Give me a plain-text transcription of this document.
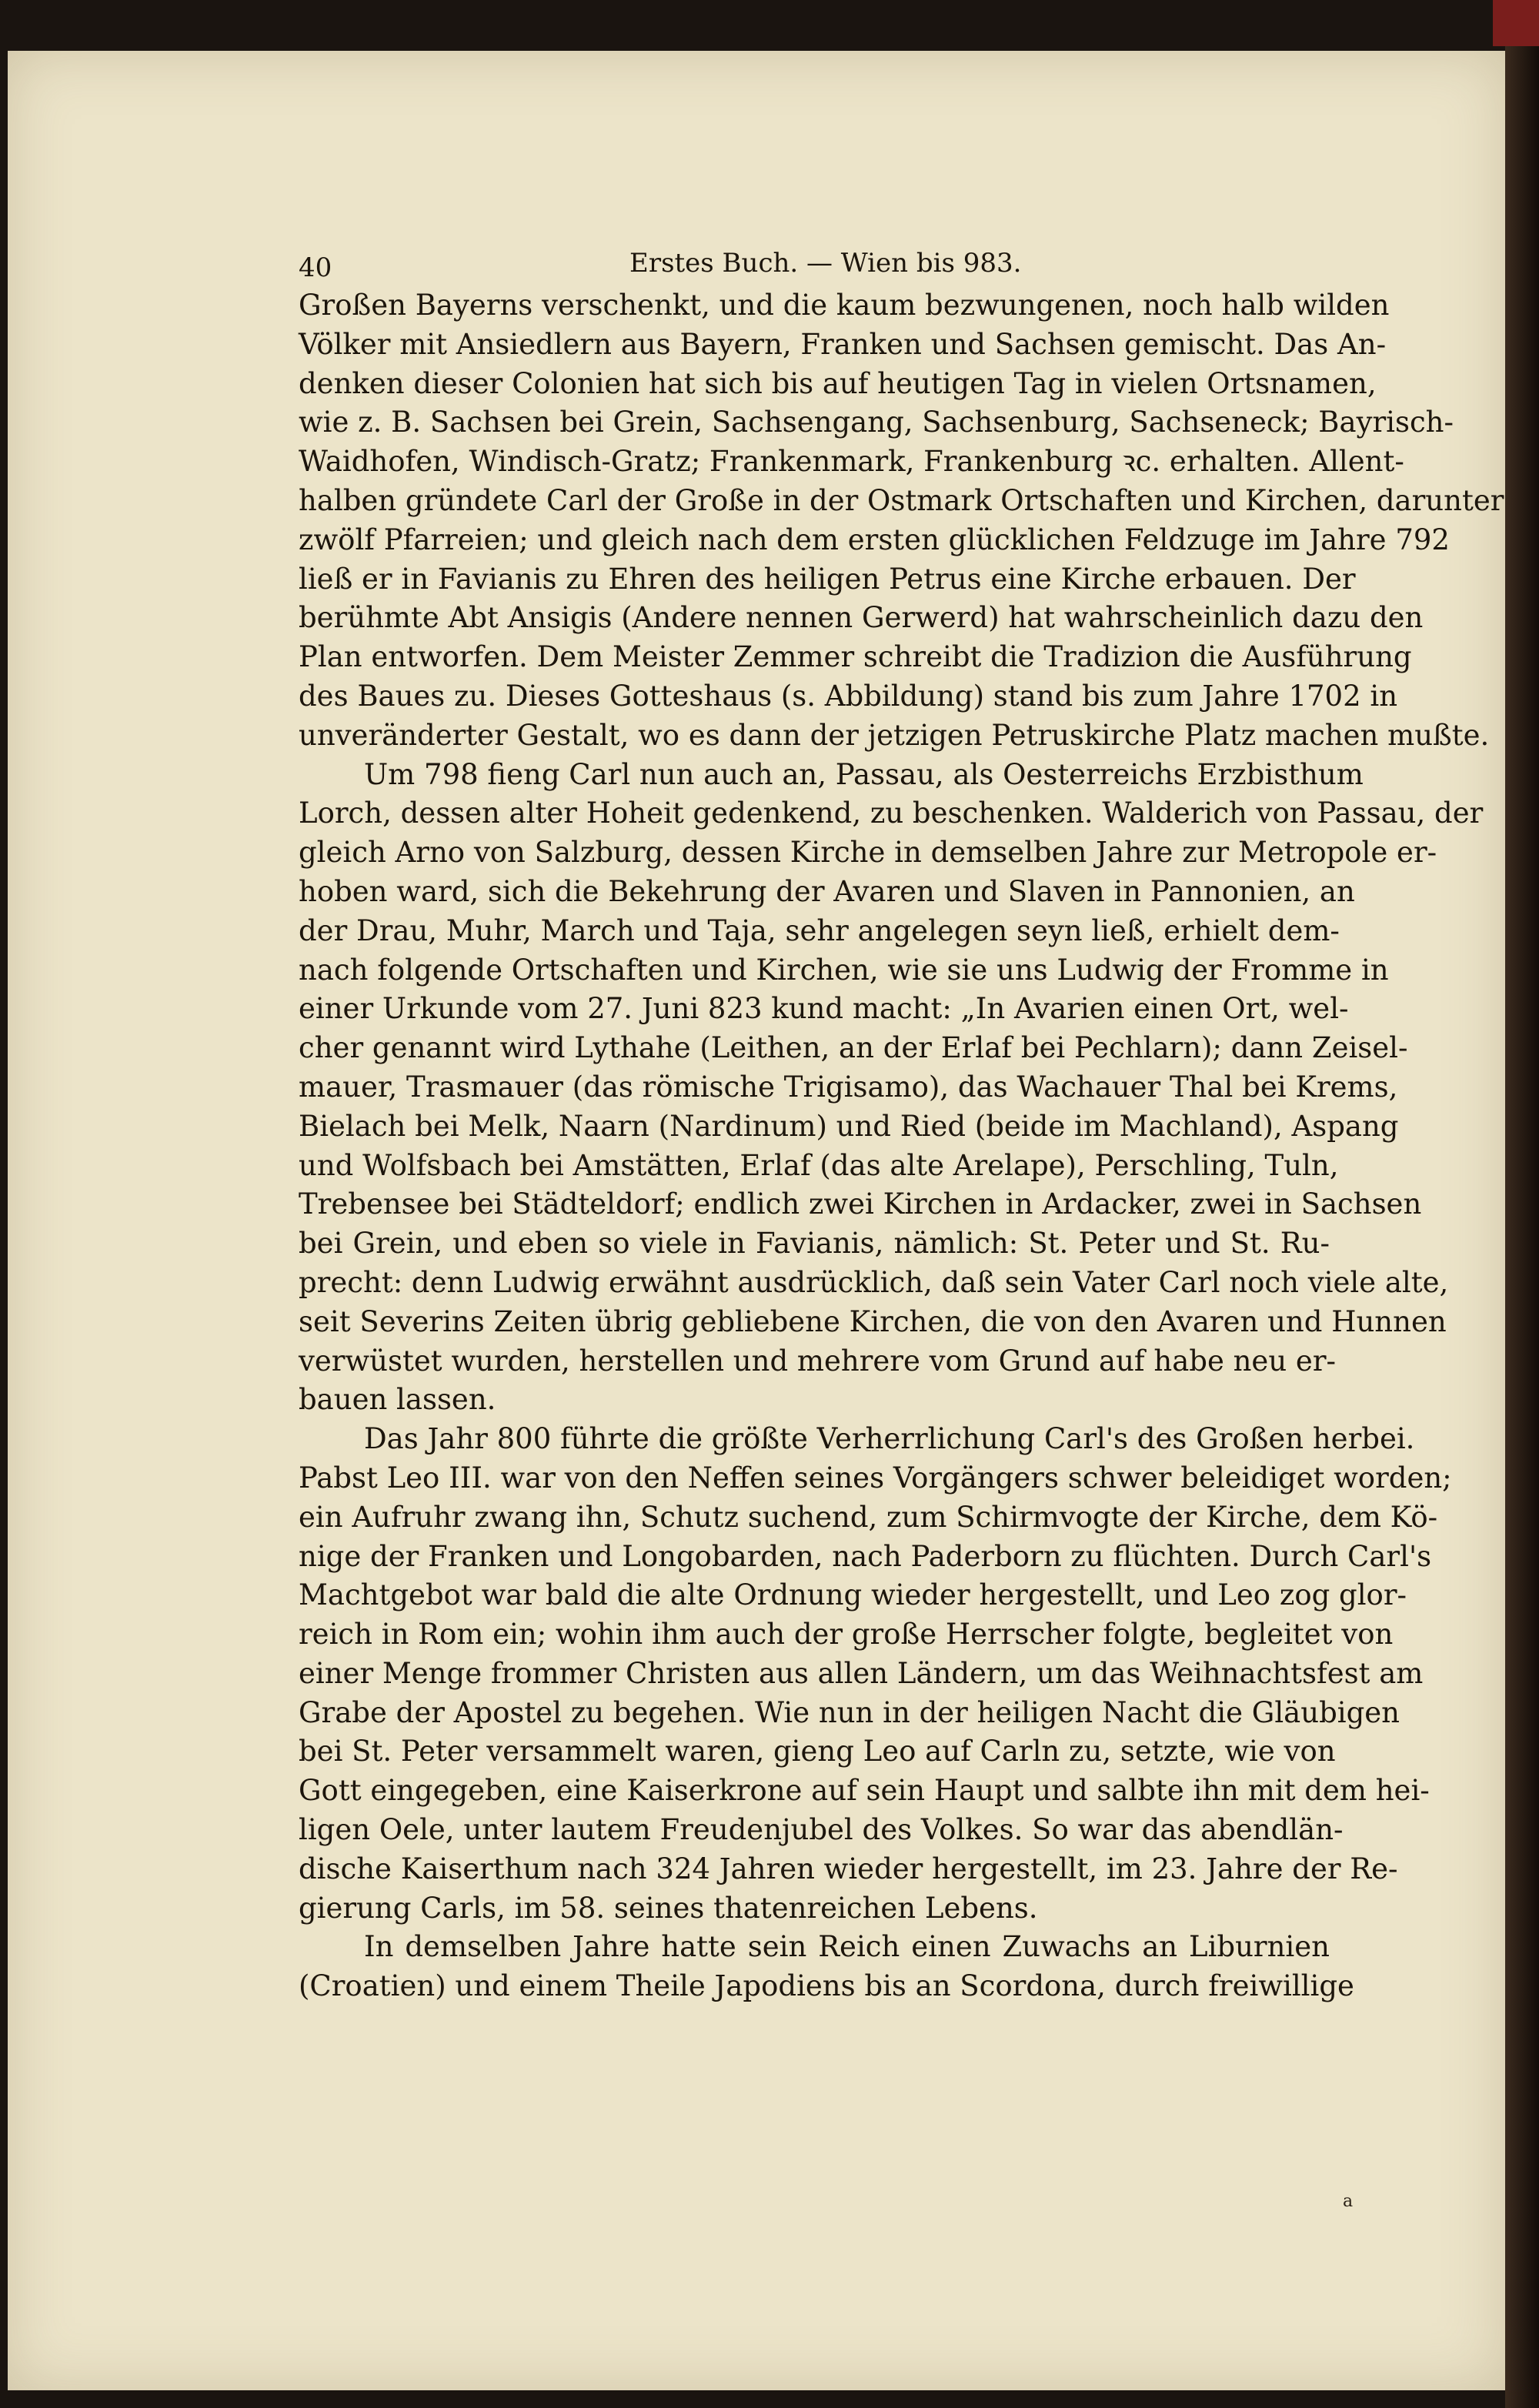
40	Erstes Buch. — Wien bis 983.
Großen Bayerns verschenkt, und die kaum bezwungenen, noch halb wilden
Völker mit Ansiedlern aus Bayern, Franken und Sachsen gemischt. Das An-
denken dieser Colonien hat sich bis auf heutigen Tag in vielen Ortsnamen,
wie z. B. Sachsen bei Grein, Sachsengang, Sachsenburg, Sachseneck; Bayrisch-
Waidhofen, Windisch-Gratz; Frankenmark, Frankenburg ꝛc. erhalten. Allent-
halben gründete Carl der Große in der Ostmark Ortschaften und Kirchen, darunter
zwölf Pfarreien; und gleich nach dem ersten glücklichen Feldzuge im Jahre 792
ließ er in Favianis zu Ehren des heiligen Petrus eine Kirche erbauen. Der
berühmte Abt Ansigis (Andere nennen Gerwerd) hat wahrscheinlich dazu den
Plan entworfen. Dem Meister Zemmer schreibt die Tradizion die Ausführung
des Baues zu. Dieses Gotteshaus (s. Abbildung) stand bis zum Jahre 1702 in
unveränderter Gestalt, wo es dann der jetzigen Petruskirche Platz machen mußte.
Um 798 fieng Carl nun auch an, Passau, als Oesterreichs Erzbisthum
Lorch, dessen alter Hoheit gedenkend, zu beschenken. Walderich von Passau, der
gleich Arno von Salzburg, dessen Kirche in demselben Jahre zur Metropole er-
hoben ward, sich die Bekehrung der Avaren und Slaven in Pannonien, an
der Drau, Muhr, March und Taja, sehr angelegen seyn ließ, erhielt dem-
nach folgende Ortschaften und Kirchen, wie sie uns Ludwig der Fromme in
einer Urkunde vom 27. Juni 823 kund macht: „In Avarien einen Ort, wel-
cher genannt wird Lythahe (Leithen, an der Erlaf bei Pechlarn); dann Zeisel-
mauer, Trasmauer (das römische Trigisamo), das Wachauer Thal bei Krems,
Bielach bei Melk, Naarn (Nardinum) und Ried (beide im Machland), Aspang
und Wolfsbach bei Amstätten, Erlaf (das alte Arelape), Perschling, Tuln,
Trebensee bei Städteldorf; endlich zwei Kirchen in Ardacker, zwei in Sachsen
bei Grein, und eben so viele in Favianis, nämlich: St. Peter und St. Ru-
precht: denn Ludwig erwähnt ausdrücklich, daß sein Vater Carl noch viele alte,
seit Severins Zeiten übrig gebliebene Kirchen, die von den Avaren und Hunnen
verwüstet wurden, herstellen und mehrere vom Grund auf habe neu er-
bauen lassen.
Das Jahr 800 führte die größte Verherrlichung Carl's des Großen herbei.
Pabst Leo III. war von den Neffen seines Vorgängers schwer beleidiget worden;
ein Aufruhr zwang ihn, Schutz suchend, zum Schirmvogte der Kirche, dem Kö-
nige der Franken und Longobarden, nach Paderborn zu flüchten. Durch Carl's
Machtgebot war bald die alte Ordnung wieder hergestellt, und Leo zog glor-
reich in Rom ein; wohin ihm auch der große Herrscher folgte, begleitet von
einer Menge frommer Christen aus allen Ländern, um das Weihnachtsfest am
Grabe der Apostel zu begehen. Wie nun in der heiligen Nacht die Gläubigen
bei St. Peter versammelt waren, gieng Leo auf Carln zu, setzte, wie von
Gott eingegeben, eine Kaiserkrone auf sein Haupt und salbte ihn mit dem hei-
ligen Oele, unter lautem Freudenjubel des Volkes. So war das abendlän-
dische Kaiserthum nach 324 Jahren wieder hergestellt, im 23. Jahre der Re-
gierung Carls, im 58. seines thatenreichen Lebens.
In demselben Jahre hatte sein Reich einen Zuwachs an Liburnien
(Croatien) und einem Theile Japodiens bis an Scordona, durch freiwillige
a
